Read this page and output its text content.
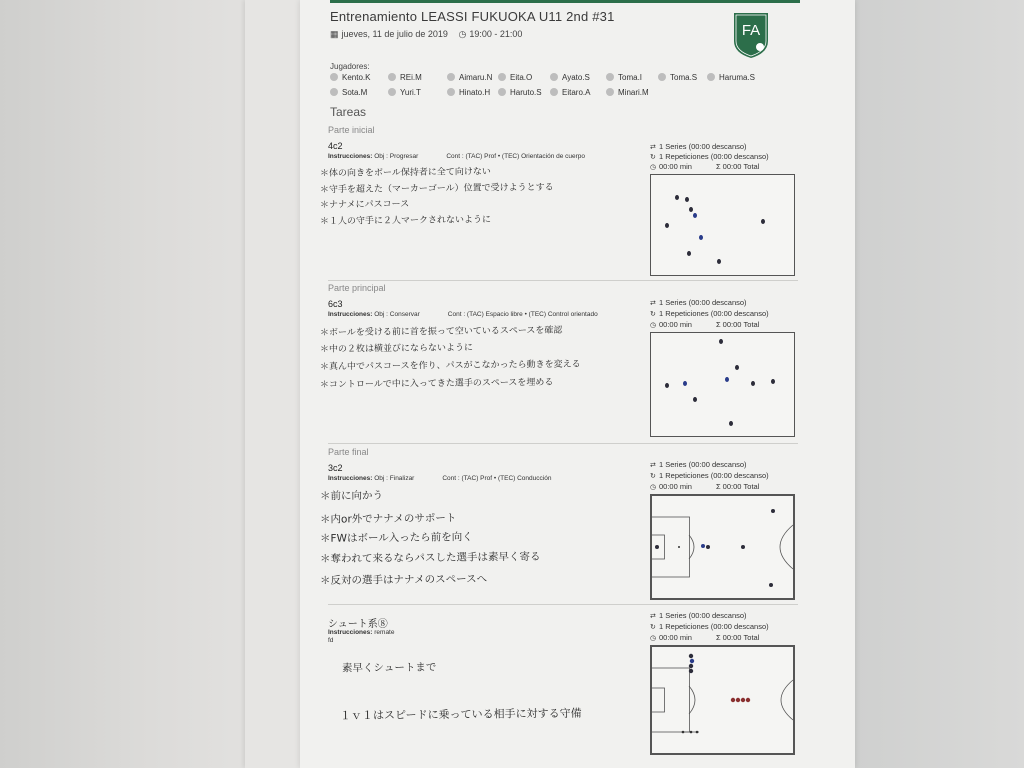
Entrenamiento LEASSI FUKUOKA U11 2nd #31
▦ jueves, 11 de julio de 2019 ◷ 19:00 - 21:00	FA
Jugadores:
Kento.K	REi.M	Aimaru.N	Eita.O	Ayato.S	Toma.I	Toma.S	Haruma.S
Sota.M	Yuri.T	Hinato.H	Haruto.S	Eitaro.A	Minari.M
Tareas
Parte inicial
4c2
Instrucciones: Obj : Progresar	Cont : (TAC) Prof • (TEC) Orientación de cuerpo
＊体の向きをボール保持者に全て向けない
＊守手を超えた（マーカーゴール）位置で受けようとする
＊ナナメにパスコース
＊１人の守手に２人マークされないように
⇄ 1 Series (00:00 descanso)
↻ 1 Repeticiones (00:00 descanso)
◷ 00:00 min	Σ 00:00 Total
Parte principal
6c3
Instrucciones: Obj : Conservar	Cont : (TAC) Espacio libre • (TEC) Control orientado
＊ボールを受ける前に首を振って空いているスペースを確認
＊中の２枚は横並びにならないように
＊真ん中でパスコースを作り、パスがこなかったら動きを変える
＊コントロールで中に入ってきた選手のスペースを埋める
⇄ 1 Series (00:00 descanso)
↻ 1 Repeticiones (00:00 descanso)
◷ 00:00 min	Σ 00:00 Total
Parte final
3c2
Instrucciones: Obj : Finalizar	Cont : (TAC) Prof • (TEC) Conducción
＊前に向かう
＊内or外でナナメのサポート
＊FWはボール入ったら前を向く
＊奪われて来るならパスした選手は素早く寄る
＊反対の選手はナナメのスペースへ
⇄ 1 Series (00:00 descanso)
↻ 1 Repeticiones (00:00 descanso)
◷ 00:00 min	Σ 00:00 Total
シュート系⑧
Instrucciones: remate
fd
素早くシュートまで
１ｖ１はスピードに乗っている相手に対する守備
⇄ 1 Series (00:00 descanso)
↻ 1 Repeticiones (00:00 descanso)
◷ 00:00 min	Σ 00:00 Total
